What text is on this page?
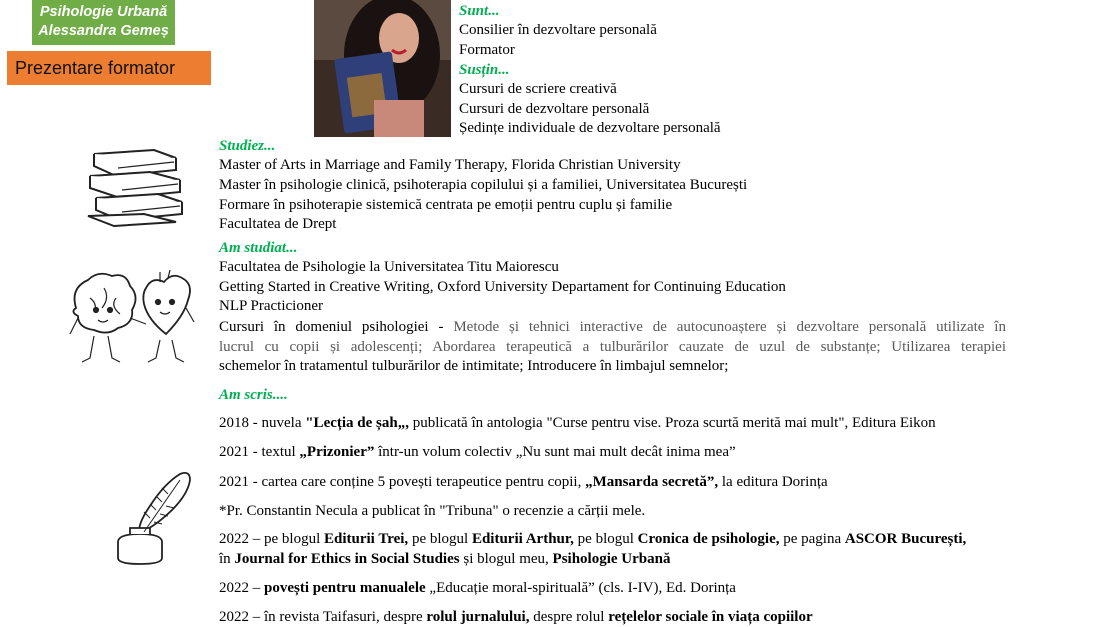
Psihologie Urbană
Alessandra Gemeș
Prezentare formator
Sunt...
Consilier în dezvoltare personală
Formator
Susțin...
Cursuri de scriere creativă
Cursuri de dezvoltare personală
Ședințe individuale de dezvoltare personală
Studiez...
Master of Arts in Marriage and Family Therapy, Florida Christian University
Master în psihologie clinică, psihoterapia copilului și a familiei, Universitatea București
Formare în psihoterapie sistemică centrata pe emoții pentru cuplu și familie
Facultatea de Drept
Am studiat...
Facultatea de Psihologie la Universitatea Titu Maiorescu
Getting Started in Creative Writing, Oxford University Departament for Continuing Education
NLP Practicioner
Cursuri în domeniul psihologiei - Metode și tehnici interactive de autocunoaștere și dezvoltare personală utilizate în
lucrul cu copii și adolescenți; Abordarea terapeutică a tulburărilor cauzate de uzul de substanțe; Utilizarea terapiei
schemelor în tratamentul tulburărilor de intimitate; Introducere în limbajul semnelor;
Am scris....
2018 - nuvela "Lecția de șah„, publicată în antologia "Curse pentru vise. Proza scurtă merită mai mult", Editura Eikon
2021 - textul „Prizonier” într-un volum colectiv „Nu sunt mai mult decât inima mea”
2021 - cartea care conține 5 povești terapeutice pentru copii, „Mansarda secretă”, la editura Dorința
*Pr. Constantin Necula a publicat în "Tribuna" o recenzie a cărții mele.
2022 – pe blogul Editurii Trei, pe blogul Editurii Arthur, pe blogul Cronica de psihologie, pe pagina ASCOR București,
în Journal for Ethics in Social Studies și blogul meu, Psihologie Urbană
2022 – povești pentru manualele „Educație moral-spirituală” (cls. I-IV), Ed. Dorința
2022 – în revista Taifasuri, despre rolul jurnalului, despre rolul rețelelor sociale în viața copiilor
